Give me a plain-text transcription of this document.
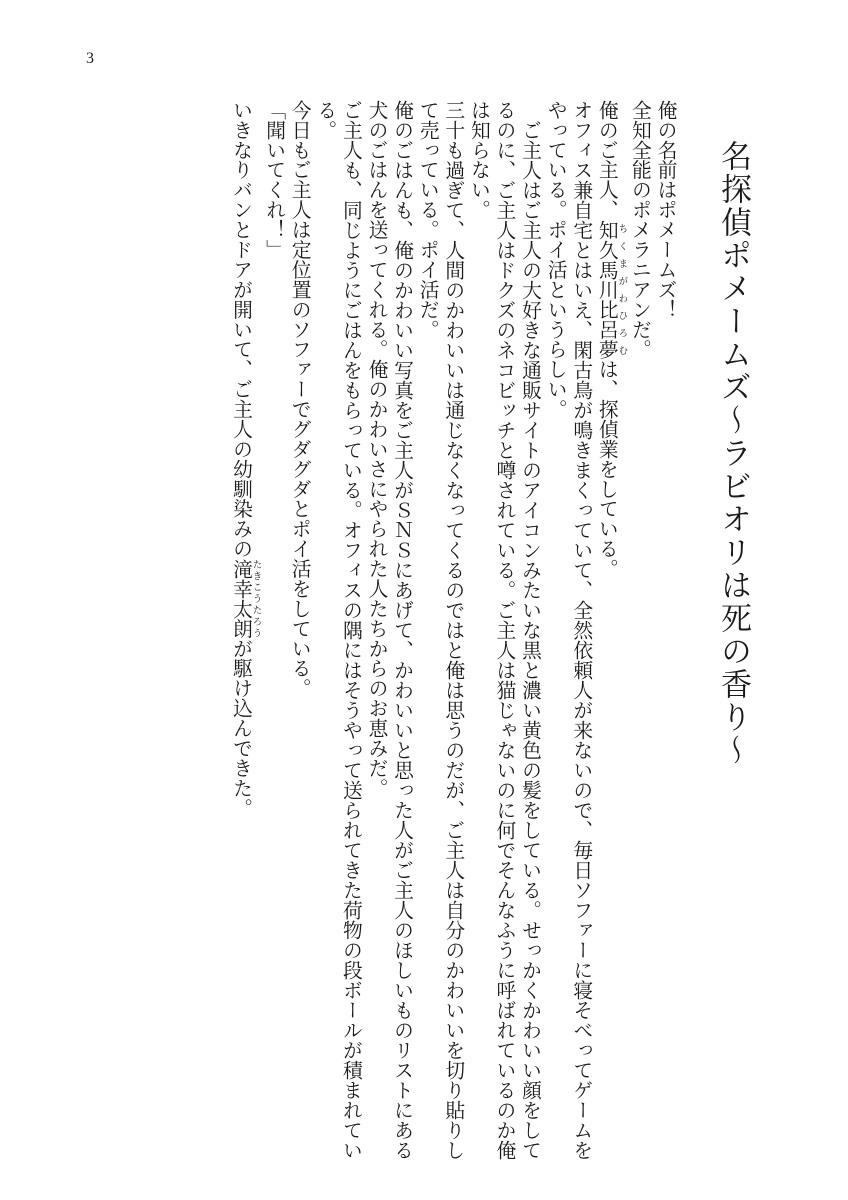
3
名探偵ポメームズ～ラビオリは死の香り～

俺の名前はポメームズ！

全知全能のポメラニアンだ。

俺のご主人、知久馬川比呂夢ちくまがわひろむは、探偵業をしている。

オフィス兼自宅とはいえ、閑古鳥が鳴きまくっていて、全然依頼人が来ないので、毎日ソファーに寝そべってゲームをやっている。ポイ活というらしい。

ご主人はご主人の大好きな通販サイトのアイコンみたいな黒と濃い黄色の髪をしている。せっかくかわいい顔をしてるのに、ご主人はドクズのネコビッチと噂されている。ご主人は猫じゃないのに何でそんなふうに呼ばれているのか俺は知らない。

三十も過ぎて、人間のかわいいは通じなくなってくるのではと俺は思うのだが、ご主人は自分のかわいいを切り貼りして売っている。ポイ活だ。

俺のごはんも、俺のかわいい写真をご主人がＳＮＳにあげて、かわいいと思った人がご主人のほしいものリストにある犬のごはんを送ってくれる。俺のかわいさにやられた人たちからのお恵みだ。

ご主人も、同じようにごはんをもらっている。オフィスの隅にはそうやって送られてきた荷物の段ボールが積まれている。

今日もご主人は定位置のソファーでグダグダとポイ活をしている。

「聞いてくれ！」

いきなりバンとドアが開いて、ご主人の幼馴染みの滝幸太朗たきこうたろうが駆け込んできた。
